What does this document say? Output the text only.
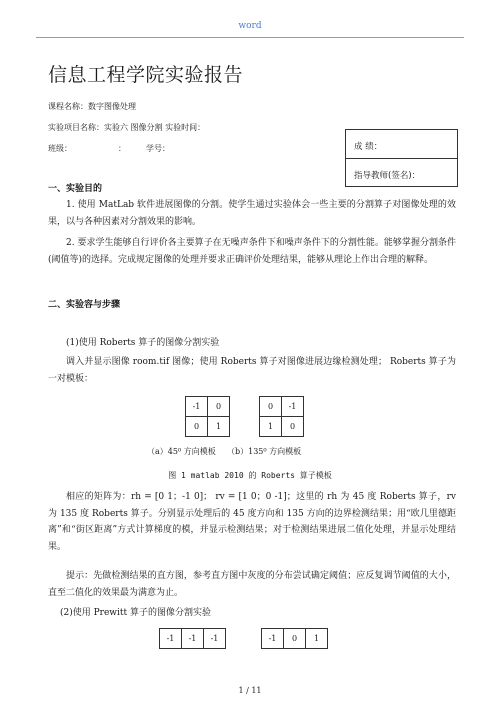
word
信息工程学院实验报告
课程名称：数字图像处理
实验项目名称：实验六 图像分割 实验时间：
班级：	：	学号：	成 绩：
指导教师(签名)：
一、实验目的
1. 使用 MatLab 软件进展图像的分割。使学生通过实验体会一些主要的分割算子对图像处理的效果，以与各种因素对分割效果的影响。
2. 要求学生能够自行评价各主要算子在无噪声条件下和噪声条件下的分割性能。能够掌握分割条件(阈值等)的选择。完成规定图像的处理并要求正确评价处理结果，能够从理论上作出合理的解释。
二、实验容与步骤
(1)使用 Roberts 算子的图像分割实验
调入并显示图像 room.tif 图像；使用 Roberts 算子对图像进展边缘检测处理； Roberts 算子为一对模板：
-1	0
0	1
0	-1
1	0
（a）45⁰ 方向模板 （b）135⁰ 方向模板
图 1 matlab 2010 的 Roberts 算子模板
相应的矩阵为：rh = [0 1；-1 0]； rv = [1 0；0 -1]；这里的 rh 为 45 度 Roberts 算子，rv 为 135 度 Roberts 算子。分别显示处理后的 45 度方向和 135 方向的边界检测结果；用“欧几里德距离”和“街区距离”方式计算梯度的模，并显示检测结果；对于检测结果进展二值化处理，并显示处理结果。
提示：先做检测结果的直方图，参考直方图中灰度的分布尝试确定阈值；应反复调节阈值的大小，直至二值化的效果最为满意为止。
(2)使用 Prewitt 算子的图像分割实验
-1	-1	-1	-1	0	1
1 / 11
